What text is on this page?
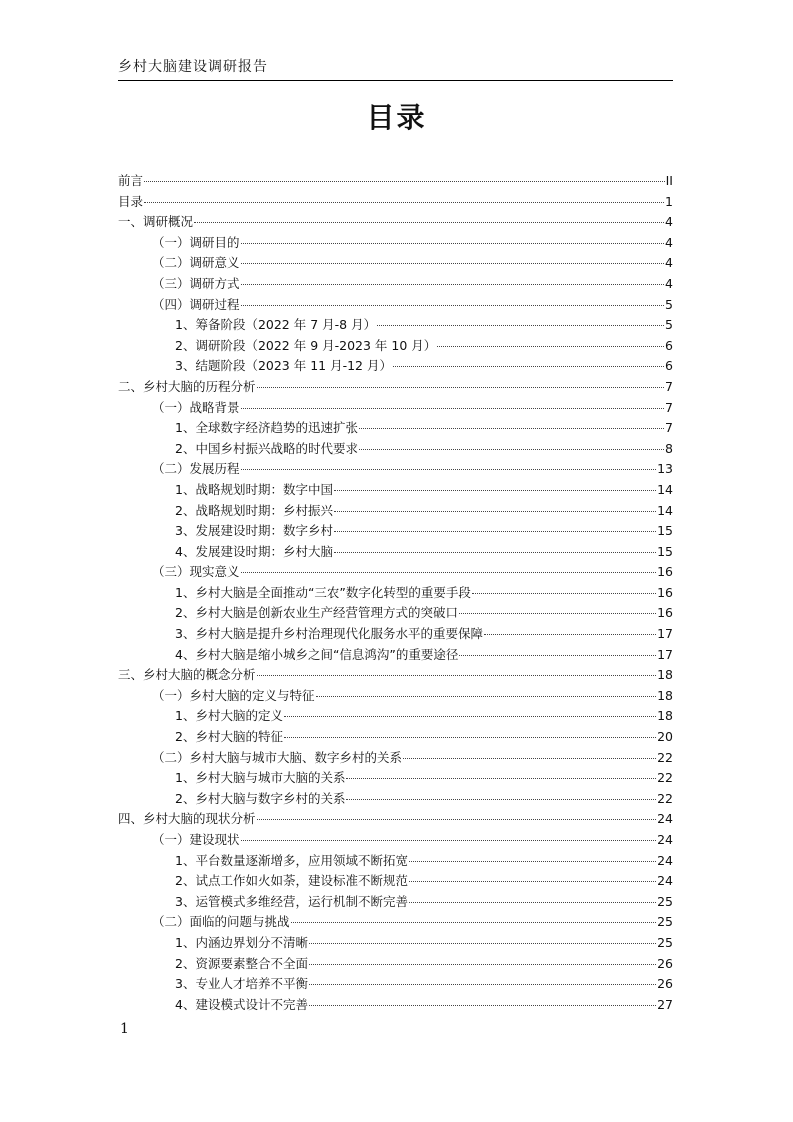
乡村大脑建设调研报告
目录
前言	II
目录	1
一、调研概况	4
（一）调研目的	4
（二）调研意义	4
（三）调研方式	4
（四）调研过程	5
1、筹备阶段（2022 年 7 月-8 月）	5
2、调研阶段（2022 年 9 月-2023 年 10 月）	6
3、结题阶段（2023 年 11 月-12 月）	6
二、乡村大脑的历程分析	7
（一）战略背景	7
1、全球数字经济趋势的迅速扩张	7
2、中国乡村振兴战略的时代要求	8
（二）发展历程	13
1、战略规划时期：数字中国	14
2、战略规划时期：乡村振兴	14
3、发展建设时期：数字乡村	15
4、发展建设时期：乡村大脑	15
（三）现实意义	16
1、乡村大脑是全面推动“三农”数字化转型的重要手段	16
2、乡村大脑是创新农业生产经营管理方式的突破口	16
3、乡村大脑是提升乡村治理现代化服务水平的重要保障	17
4、乡村大脑是缩小城乡之间“信息鸿沟”的重要途径	17
三、乡村大脑的概念分析	18
（一）乡村大脑的定义与特征	18
1、乡村大脑的定义	18
2、乡村大脑的特征	20
（二）乡村大脑与城市大脑、数字乡村的关系	22
1、乡村大脑与城市大脑的关系	22
2、乡村大脑与数字乡村的关系	22
四、乡村大脑的现状分析	24
（一）建设现状	24
1、平台数量逐渐增多，应用领域不断拓宽	24
2、试点工作如火如荼，建设标准不断规范	24
3、运管模式多维经营，运行机制不断完善	25
（二）面临的问题与挑战	25
1、内涵边界划分不清晰	25
2、资源要素整合不全面	26
3、专业人才培养不平衡	26
4、建设模式设计不完善	27
1
